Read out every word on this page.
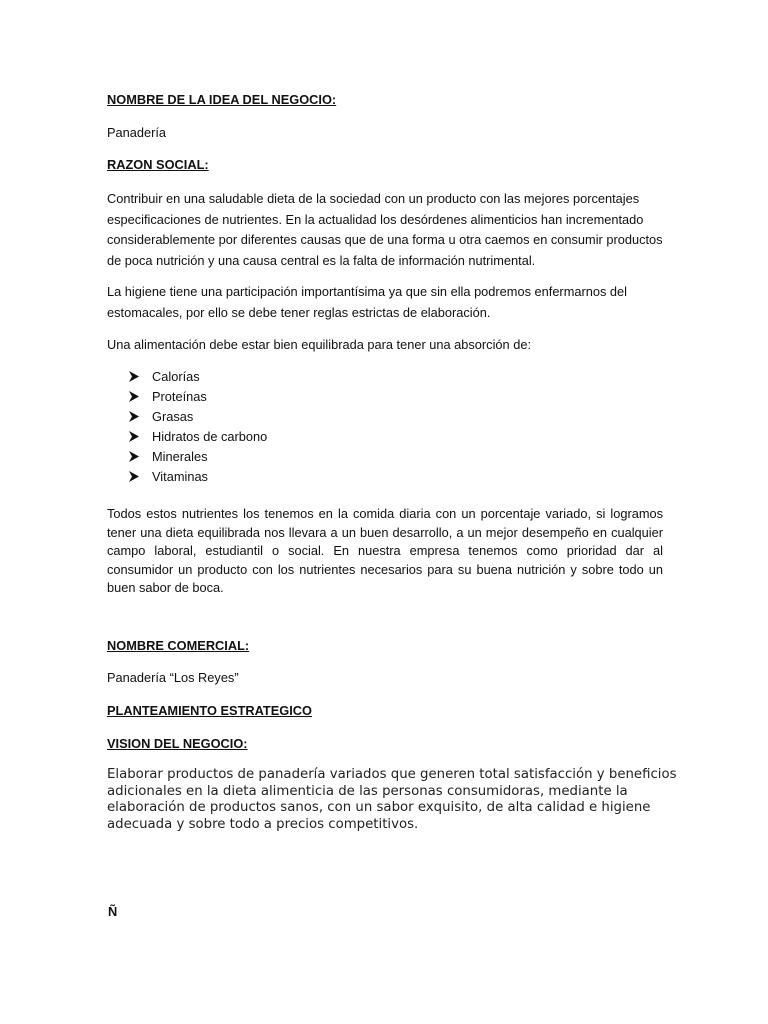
NOMBRE DE LA IDEA DEL NEGOCIO:

Panadería

RAZON SOCIAL:

Contribuir en una saludable dieta de la sociedad con un producto con las mejores porcentajes especificaciones de nutrientes. En la actualidad los desórdenes alimenticios han incrementado considerablemente por diferentes causas que de una forma u otra caemos en consumir productos de poca nutrición y una causa central es la falta de información nutrimental.

La higiene tiene una participación importantísima ya que sin ella podremos enfermarnos del estomacales, por ello se debe tener reglas estrictas de elaboración.

Una alimentación debe estar bien equilibrada para tener una absorción de:

Calorías
Proteínas
Grasas
Hidratos de carbono
Minerales
Vitaminas

Todos estos nutrientes los tenemos en la comida diaria con un porcentaje variado, si logramos tener una dieta equilibrada nos llevara a un buen desarrollo, a un mejor desempeño en cualquier campo laboral, estudiantil o social. En nuestra empresa tenemos como prioridad dar al consumidor un producto con los nutrientes necesarios para su buena nutrición y sobre todo un buen sabor de boca.

NOMBRE COMERCIAL:

Panadería “Los Reyes”

PLANTEAMIENTO ESTRATEGICO

VISION DEL NEGOCIO:

Elaborar productos de panadería variados que generen total satisfacción y beneficios adicionales en la dieta alimenticia de las personas consumidoras, mediante la elaboración de productos sanos, con un sabor exquisito, de alta calidad e higiene adecuada y sobre todo a precios competitivos.

Ñ
